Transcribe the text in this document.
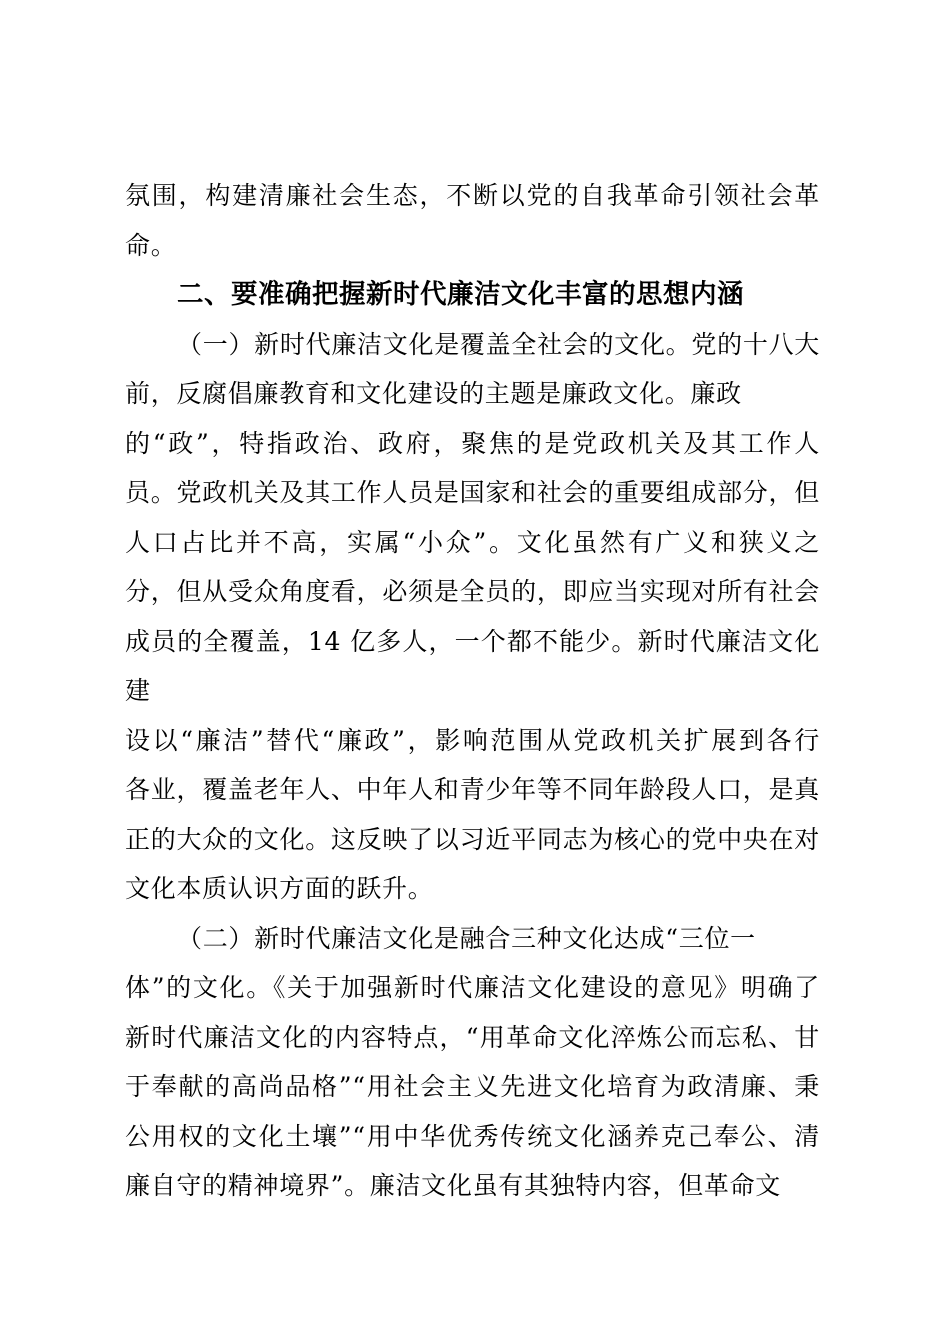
氛围，构建清廉社会生态，不断以党的自我革命引领社会革
命。
二、要准确把握新时代廉洁文化丰富的思想内涵
（一）新时代廉洁文化是覆盖全社会的文化。党的十八大
前，反腐倡廉教育和文化建设的主题是廉政文化。廉政
的“政”，特指政治、政府，聚焦的是党政机关及其工作人
员。党政机关及其工作人员是国家和社会的重要组成部分，但
人口占比并不高，实属“小众”。文化虽然有广义和狭义之
分，但从受众角度看，必须是全员的，即应当实现对所有社会
成员的全覆盖，14 亿多人，一个都不能少。新时代廉洁文化建
设以“廉洁”替代“廉政”，影响范围从党政机关扩展到各行
各业，覆盖老年人、中年人和青少年等不同年龄段人口，是真
正的大众的文化。这反映了以习近平同志为核心的党中央在对
文化本质认识方面的跃升。
（二）新时代廉洁文化是融合三种文化达成“三位一
体”的文化。《关于加强新时代廉洁文化建设的意见》明确了
新时代廉洁文化的内容特点，“用革命文化淬炼公而忘私、甘
于奉献的高尚品格”“用社会主义先进文化培育为政清廉、秉
公用权的文化土壤”“用中华优秀传统文化涵养克己奉公、清
廉自守的精神境界”。廉洁文化虽有其独特内容，但革命文
